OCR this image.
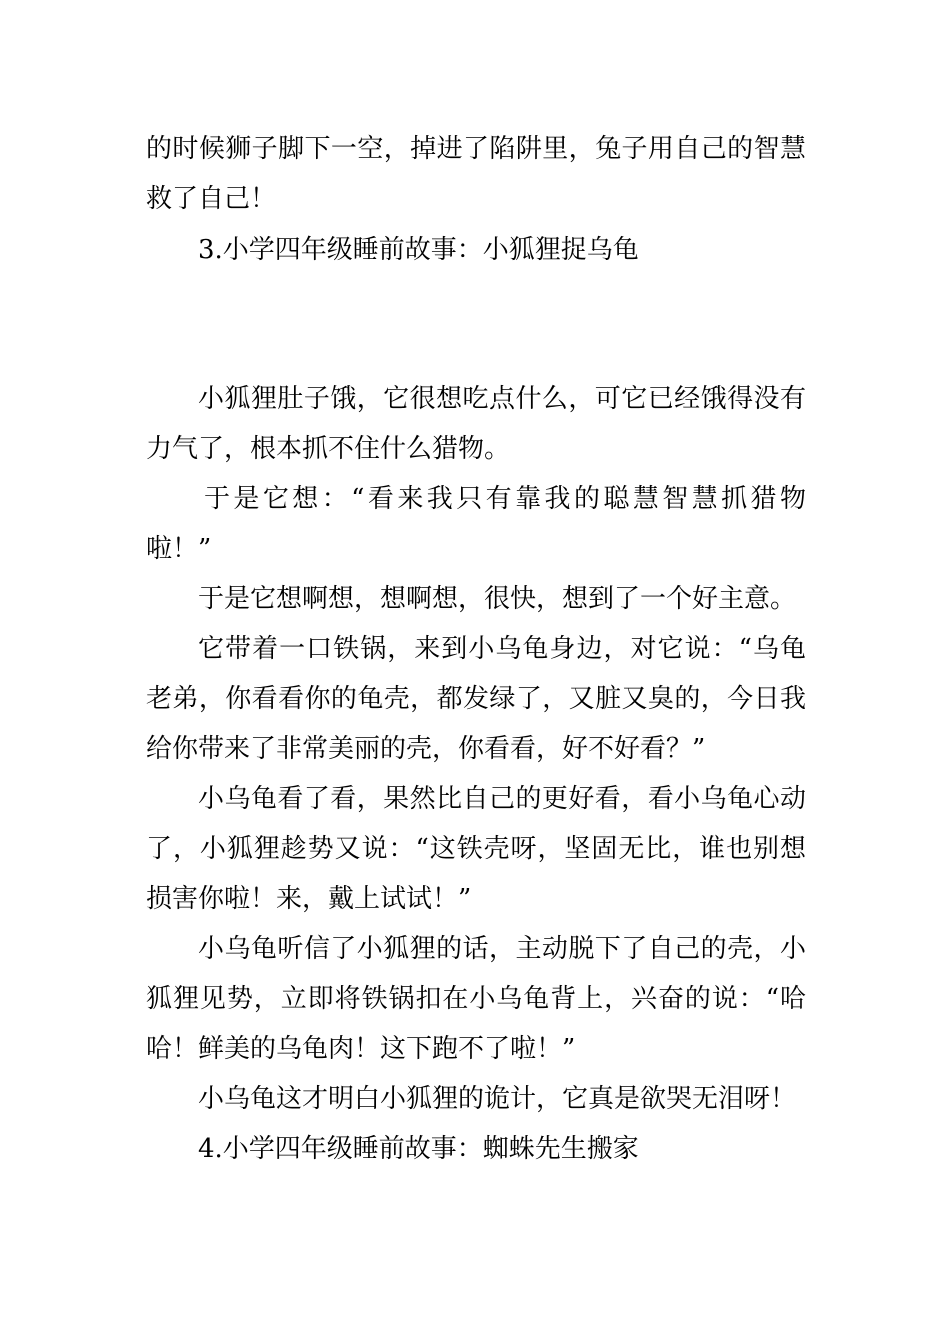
的时候狮子脚下一空，掉进了陷阱里，兔子用自己的智慧
救了自己！
3.小学四年级睡前故事：小狐狸捉乌龟
小狐狸肚子饿，它很想吃点什么，可它已经饿得没有
力气了，根本抓不住什么猎物。
于是它想：“看来我只有靠我的聪慧智慧抓猎物
啦！”
于是它想啊想，想啊想，很快，想到了一个好主意。
它带着一口铁锅，来到小乌龟身边，对它说：“乌龟
老弟，你看看你的龟壳，都发绿了，又脏又臭的，今日我
给你带来了非常美丽的壳，你看看，好不好看？”
小乌龟看了看，果然比自己的更好看，看小乌龟心动
了，小狐狸趁势又说：“这铁壳呀，坚固无比，谁也别想
损害你啦！来，戴上试试！”
小乌龟听信了小狐狸的话，主动脱下了自己的壳，小
狐狸见势，立即将铁锅扣在小乌龟背上，兴奋的说：“哈
哈！鲜美的乌龟肉！这下跑不了啦！”
小乌龟这才明白小狐狸的诡计，它真是欲哭无泪呀！
4.小学四年级睡前故事：蜘蛛先生搬家
